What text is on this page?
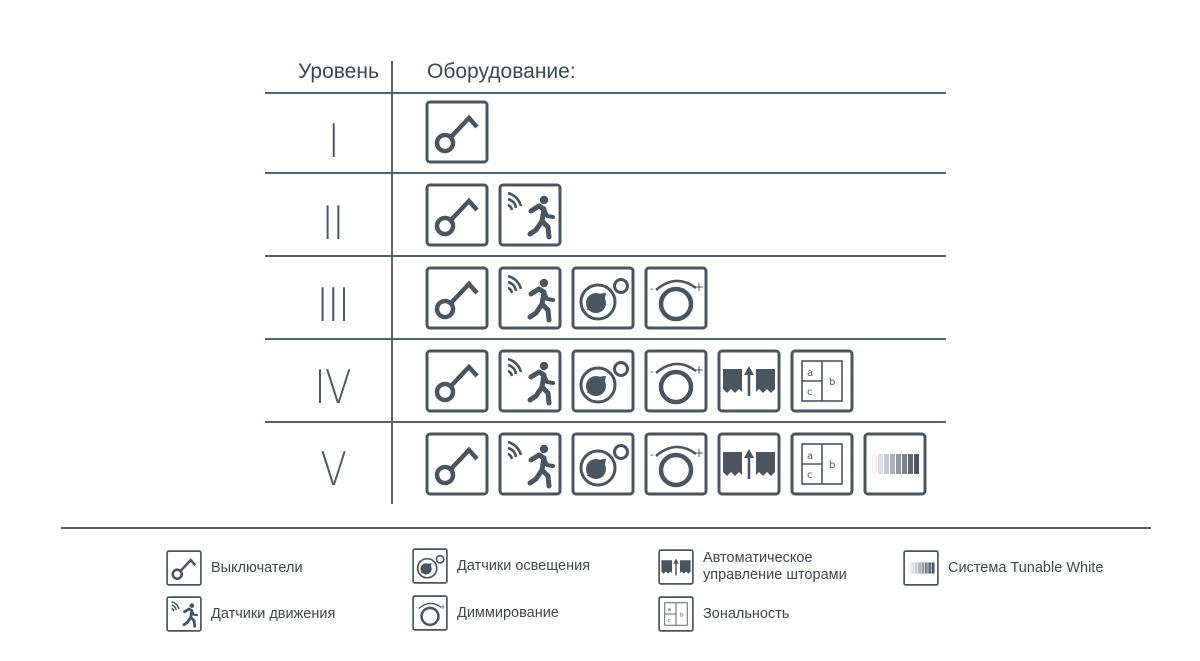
Уровень Оборудование:
I
II
III
IV
V
a
b
c
a
b
c
Выключатели
Датчики движения
Датчики освещения
Диммирование
Автоматическое
управление шторами
a
b
c Зональность
Система Tunable White
